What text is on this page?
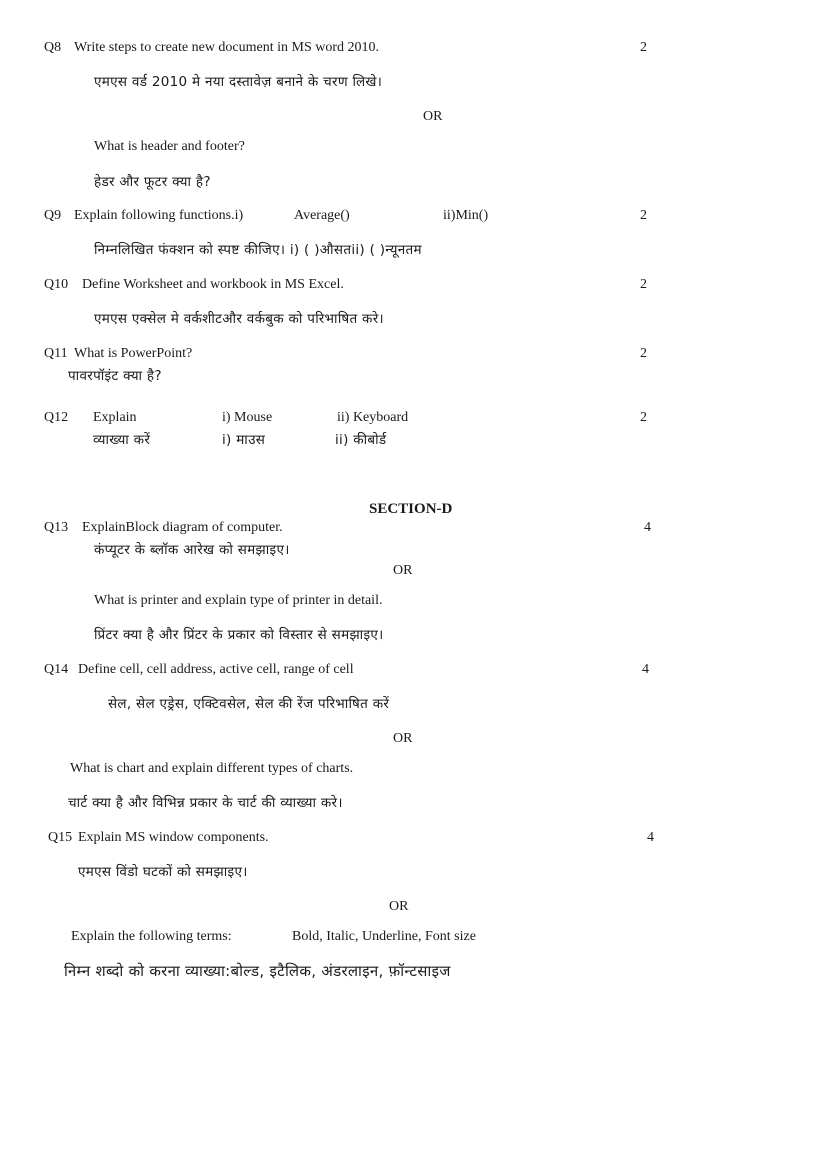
Q8 Write steps to create new document in MS word 2010.	2
एमएस वर्ड 2010 मे नया दस्तावेज़ बनाने के चरण लिखे।
OR
What is header and footer?
हेडर और फूटर क्या है?
Q9 Explain following functions.i)	Average()	ii)Min()	2
निम्नलिखित फंक्शन को स्पष्ट कीजिए। i) ( )औसतii) ( )न्यूनतम
Q10 Define Worksheet and workbook in MS Excel.	2
एमएस एक्सेल मे वर्कशीटऔर वर्कबुक को परिभाषित करे।
Q11 What is PowerPoint?	2
पावरपॉइंट क्या है?
Q12 Explain	i) Mouse	ii) Keyboard	2
व्याख्या करें	i) माउस	ii) कीबोर्ड
SECTION-D
Q13 ExplainBlock diagram of computer.	4
कंप्यूटर के ब्लॉक आरेख को समझाइए।
OR
What is printer and explain type of printer in detail.
प्रिंटर क्या है और प्रिंटर के प्रकार को विस्तार से समझाइए।
Q14 Define cell, cell address, active cell, range of cell	4
सेल, सेल एड्रेस, एक्टिवसेल, सेल की रेंज परिभाषित करें
OR
What is chart and explain different types of charts.
चार्ट क्या है और विभिन्न प्रकार के चार्ट की व्याख्या करे।
Q15 Explain MS window components.	4
एमएस विंडो घटकों को समझाइए।
OR
Explain the following terms:	Bold, Italic, Underline, Font size
निम्न शब्दो को करना व्याख्या:बोल्ड, इटैलिक, अंडरलाइन, फ़ॉन्टसाइज
